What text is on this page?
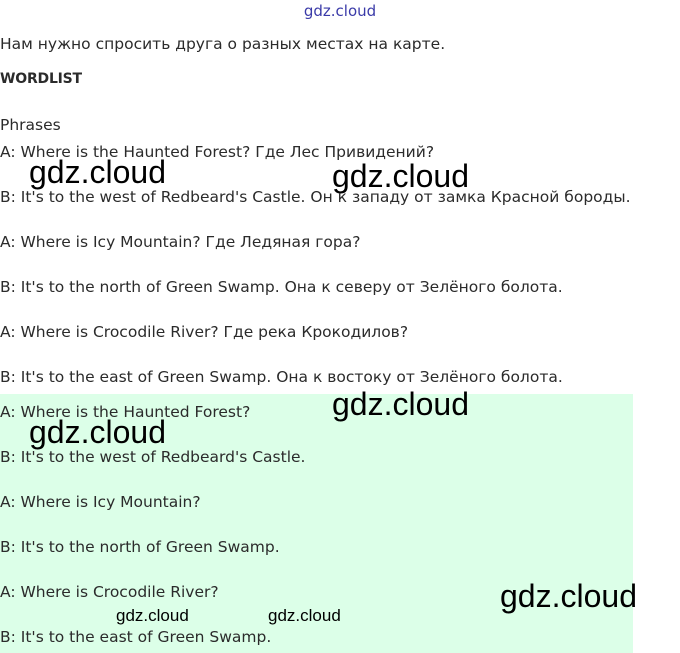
gdz.cloud
Нам нужно спросить друга о разных местах на карте.
WORDLIST
Phrases
A: Where is the Haunted Forest? Где Лес Привидений?
B: It's to the west of Redbeard's Castle. Он к западу от замка Красной бороды.
A: Where is Icy Mountain? Где Ледяная гора?
B: It's to the north of Green Swamp. Она к северу от Зелёного болота.
A: Where is Crocodile River? Где река Крокодилов?
B: It's to the east of Green Swamp. Она к востоку от Зелёного болота.
A: Where is the Haunted Forest?
B: It's to the west of Redbeard's Castle.
A: Where is Icy Mountain?
B: It's to the north of Green Swamp.
A: Where is Crocodile River?
B: It's to the east of Green Swamp.
gdz.cloud	gdz.cloud
gdz.cloud
gdz.cloud
gdz.cloud
gdz.cloud	gdz.cloud
